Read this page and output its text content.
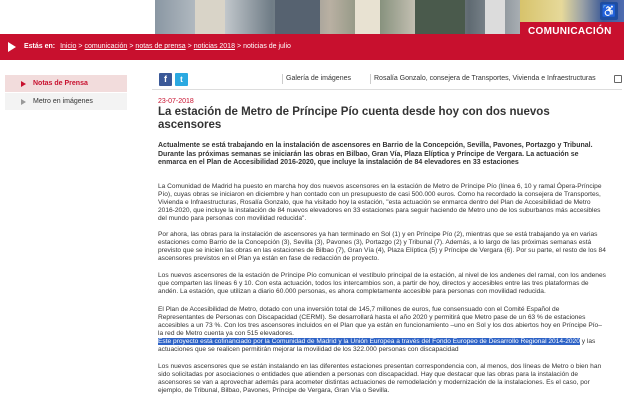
♿
COMUNICACIÓN
Estás en: Inicio > comunicación > notas de prensa > noticias 2018 > noticias de julio
Notas de Prensa
Metro en imágenes
f	t	Galería de imágenes	Rosalía Gonzalo, consejera de Transportes, Vivienda e Infraestructuras
23-07-2018
La estación de Metro de Príncipe Pío cuenta desde hoy con dos nuevos ascensores

Actualmente se está trabajando en la instalación de ascensores en Barrio de la Concepción, Sevilla, Pavones, Portazgo y Tribunal. Durante las próximas semanas se iniciarán las obras en Bilbao, Gran Vía, Plaza Elíptica y Príncipe de Vergara. La actuación se enmarca en el Plan de Accesibilidad 2016-2020, que incluye la instalación de 84 elevadores en 33 estaciones

La Comunidad de Madrid ha puesto en marcha hoy dos nuevos ascensores en la estación de Metro de Príncipe Pío (línea 6, 10 y ramal Ópera-Príncipe Pío), cuyas obras se iniciaron en diciembre y han contado con un presupuesto de casi 500.000 euros. Como ha recordado la consejera de Transportes, Vivienda e Infraestructuras, Rosalía Gonzalo, que ha visitado hoy la estación, "esta actuación se enmarca dentro del Plan de Accesibilidad de Metro 2016-2020, que incluye la instalación de 84 nuevos elevadores en 33 estaciones para seguir haciendo de Metro uno de los suburbanos más accesibles del mundo para personas con movilidad reducida".

Por ahora, las obras para la instalación de ascensores ya han terminado en Sol (1) y en Príncipe Pío (2), mientras que se está trabajando ya en varias estaciones como Barrio de la Concepción (3), Sevilla (3), Pavones (3), Portazgo (2) y Tribunal (7). Además, a lo largo de las próximas semanas está previsto que se inicien las obras en las estaciones de Bilbao (7), Gran Vía (4), Plaza Elíptica (5) y Príncipe de Vergara (6). Por su parte, el resto de los 84 ascensores previstos en el Plan ya están en fase de redacción de proyecto.

Los nuevos ascensores de la estación de Príncipe Pío comunican el vestíbulo principal de la estación, al nivel de los andenes del ramal, con los andenes que comparten las líneas 6 y 10. Con esta actuación, todos los intercambios son, a partir de hoy, directos y accesibles entre las tres plataformas de andén. La estación, que utilizan a diario 60.000 personas, es ahora completamente accesible para personas con movilidad reducida.

El Plan de Accesibilidad de Metro, dotado con una inversión total de 145,7 millones de euros, fue consensuado con el Comité Español de Representantes de Personas con Discapacidad (CERMI). Se desarrollará hasta el año 2020 y permitirá que Metro pase de un 63 % de estaciones accesibles a un 73 %. Con los tres ascensores incluidos en el Plan que ya están en funcionamiento –uno en Sol y los dos abiertos hoy en Príncipe Pío– la red de Metro cuenta ya con 515 elevadores.

Este proyecto está cofinanciado por la Comunidad de Madrid y la Unión Europea a través del Fondo Europeo de Desarrollo Regional 2014-2020 y las actuaciones que se realicen permitirán mejorar la movilidad de los 322.000 personas con discapacidad

Los nuevos ascensores que se están instalando en las diferentes estaciones presentan correspondencia con, al menos, dos líneas de Metro o bien han sido solicitadas por asociaciones o entidades que atienden a personas con discapacidad. Hay que destacar que las obras para la instalación de ascensores se van a aprovechar además para acometer distintas actuaciones de remodelación y modernización de la instalaciones. Es el caso, por ejemplo, de Tribunal, Bilbao, Pavones, Príncipe de Vergara, Gran Vía o Sevilla.
